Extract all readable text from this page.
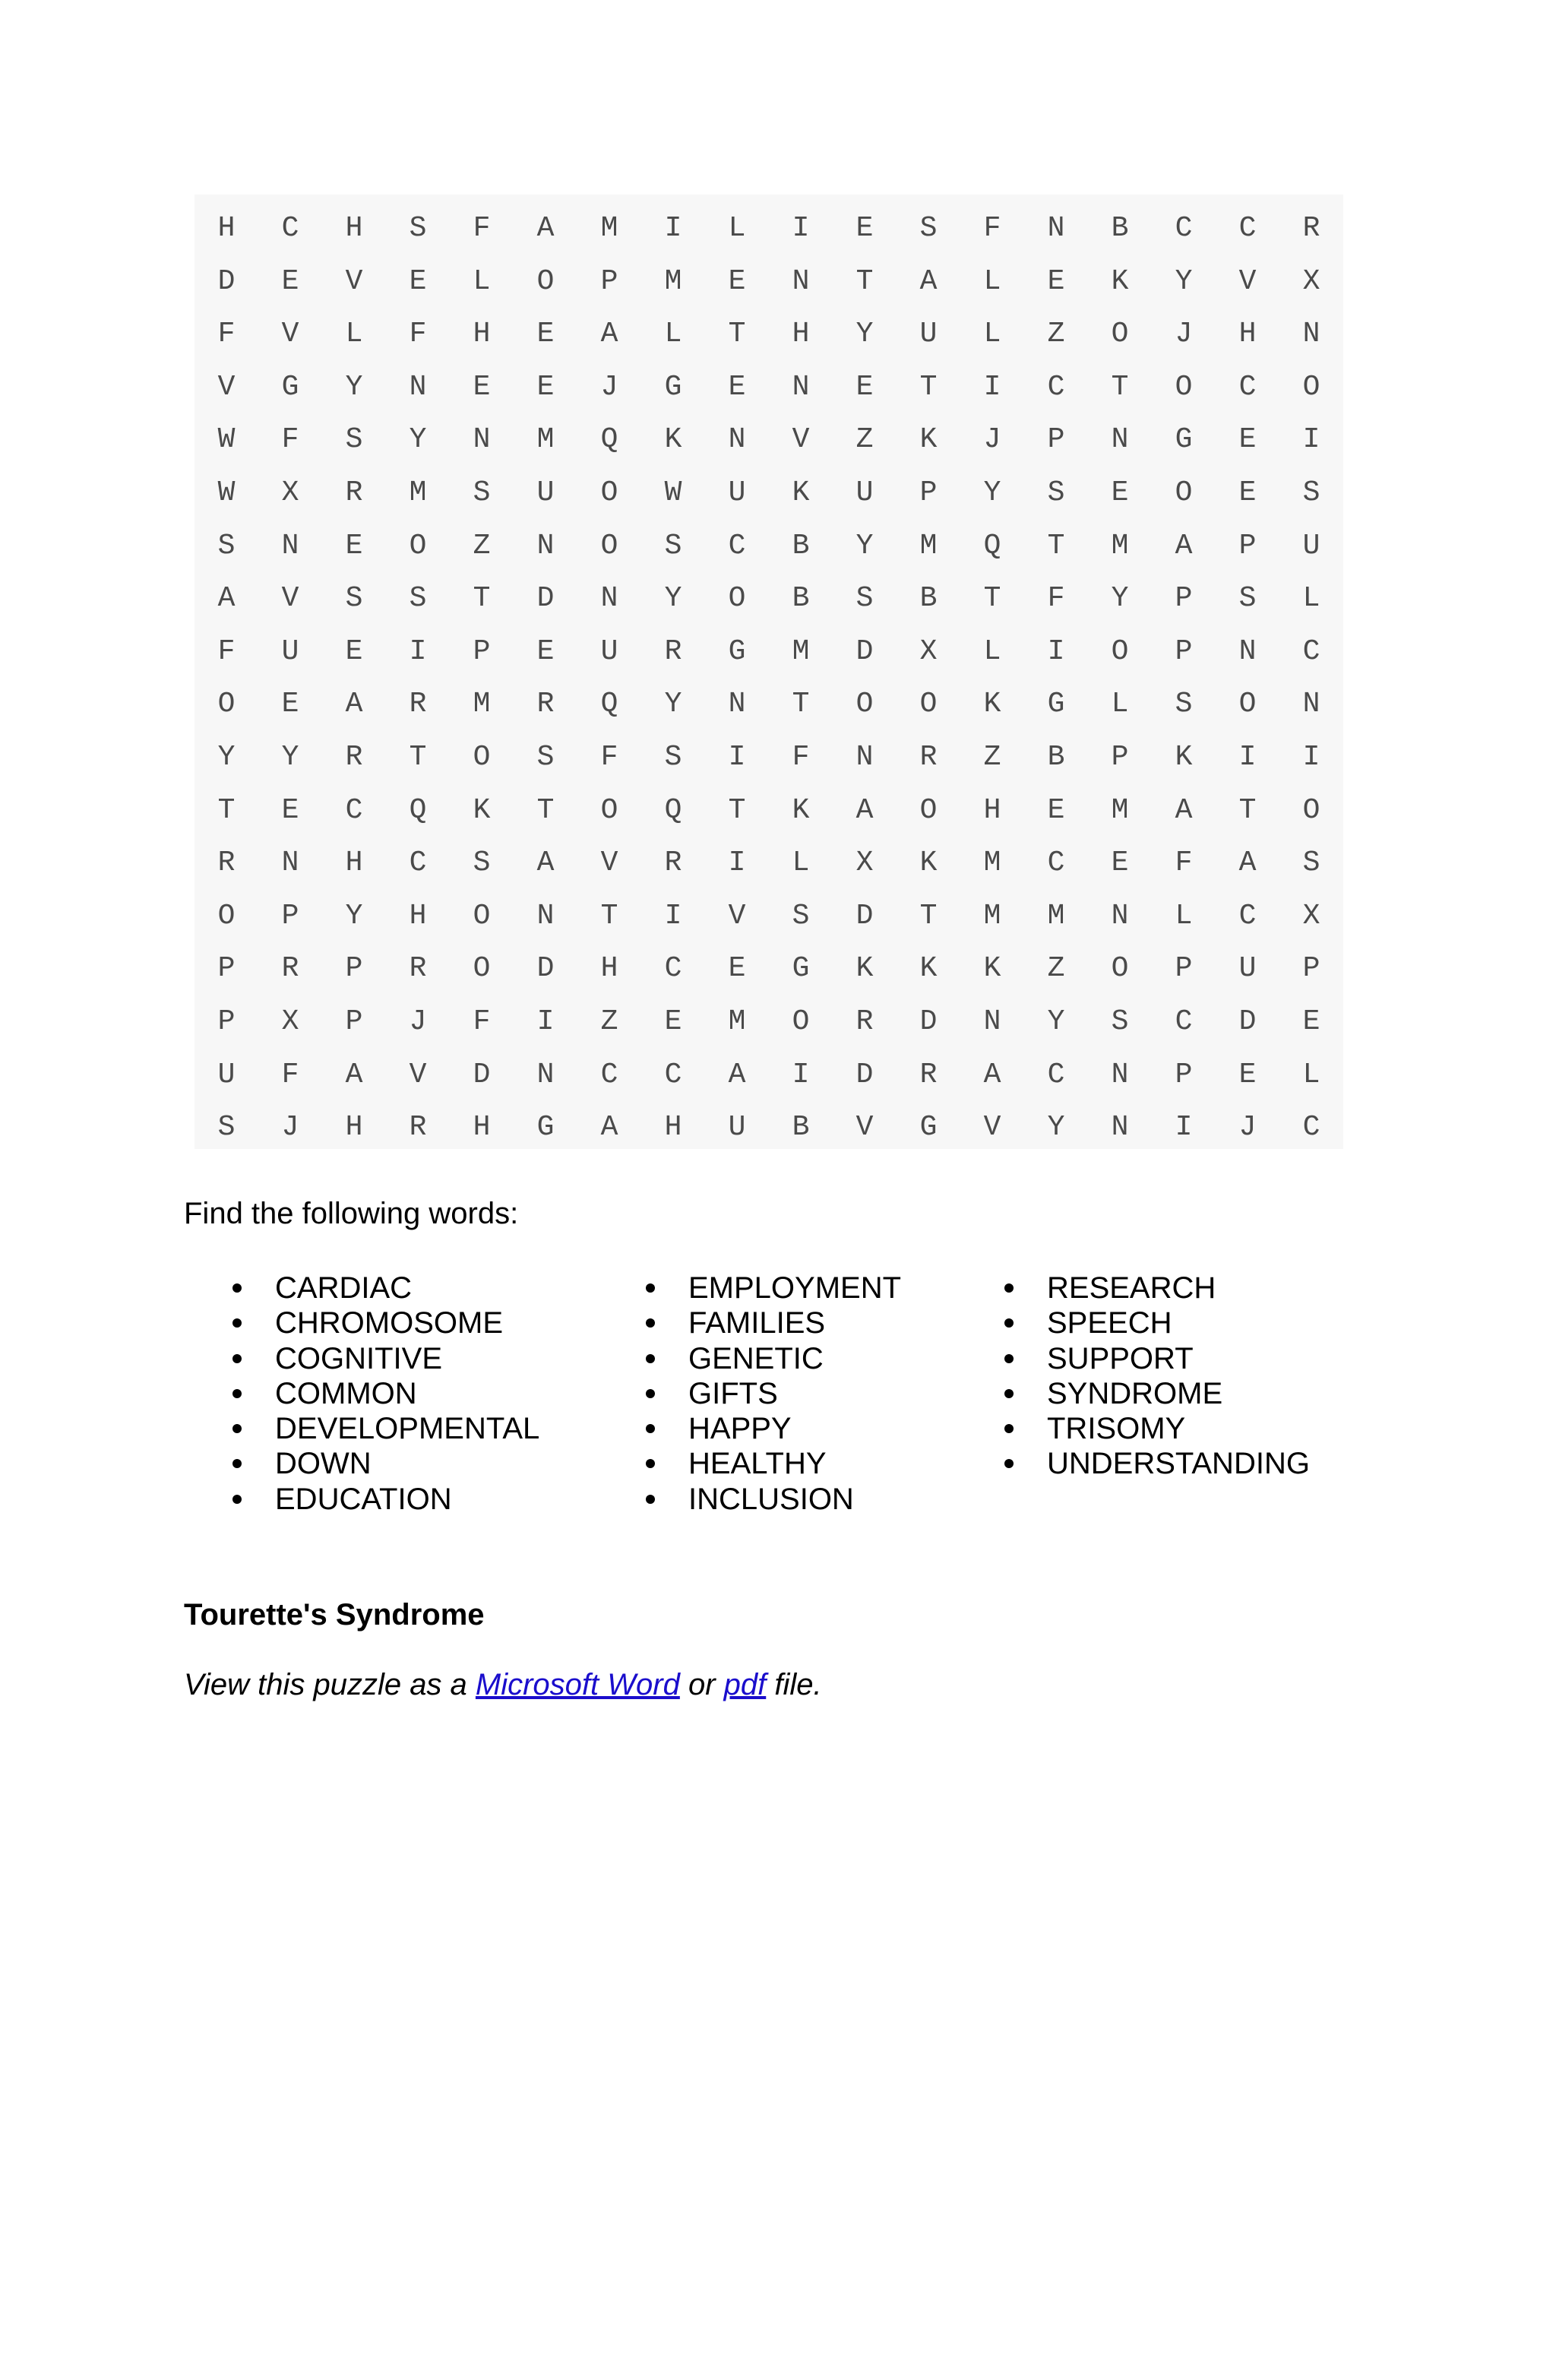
H	C	H	S	F	A	M	I	L	I	E	S	F	N	B	C	C	R
D	E	V	E	L	O	P	M	E	N	T	A	L	E	K	Y	V	X
F	V	L	F	H	E	A	L	T	H	Y	U	L	Z	O	J	H	N
V	G	Y	N	E	E	J	G	E	N	E	T	I	C	T	O	C	O
W	F	S	Y	N	M	Q	K	N	V	Z	K	J	P	N	G	E	I
W	X	R	M	S	U	O	W	U	K	U	P	Y	S	E	O	E	S
S	N	E	O	Z	N	O	S	C	B	Y	M	Q	T	M	A	P	U
A	V	S	S	T	D	N	Y	O	B	S	B	T	F	Y	P	S	L
F	U	E	I	P	E	U	R	G	M	D	X	L	I	O	P	N	C
O	E	A	R	M	R	Q	Y	N	T	O	O	K	G	L	S	O	N
Y	Y	R	T	O	S	F	S	I	F	N	R	Z	B	P	K	I	I
T	E	C	Q	K	T	O	Q	T	K	A	O	H	E	M	A	T	O
R	N	H	C	S	A	V	R	I	L	X	K	M	C	E	F	A	S
O	P	Y	H	O	N	T	I	V	S	D	T	M	M	N	L	C	X
P	R	P	R	O	D	H	C	E	G	K	K	K	Z	O	P	U	P
P	X	P	J	F	I	Z	E	M	O	R	D	N	Y	S	C	D	E
U	F	A	V	D	N	C	C	A	I	D	R	A	C	N	P	E	L
S	J	H	R	H	G	A	H	U	B	V	G	V	Y	N	I	J	C
Find the following words:
CARDIAC
CHROMOSOME
COGNITIVE
COMMON
DEVELOPMENTAL
DOWN
EDUCATION
EMPLOYMENT
FAMILIES
GENETIC
GIFTS
HAPPY
HEALTHY
INCLUSION
RESEARCH
SPEECH
SUPPORT
SYNDROME
TRISOMY
UNDERSTANDING
Tourette's Syndrome
View this puzzle as a Microsoft Word or pdf file.
